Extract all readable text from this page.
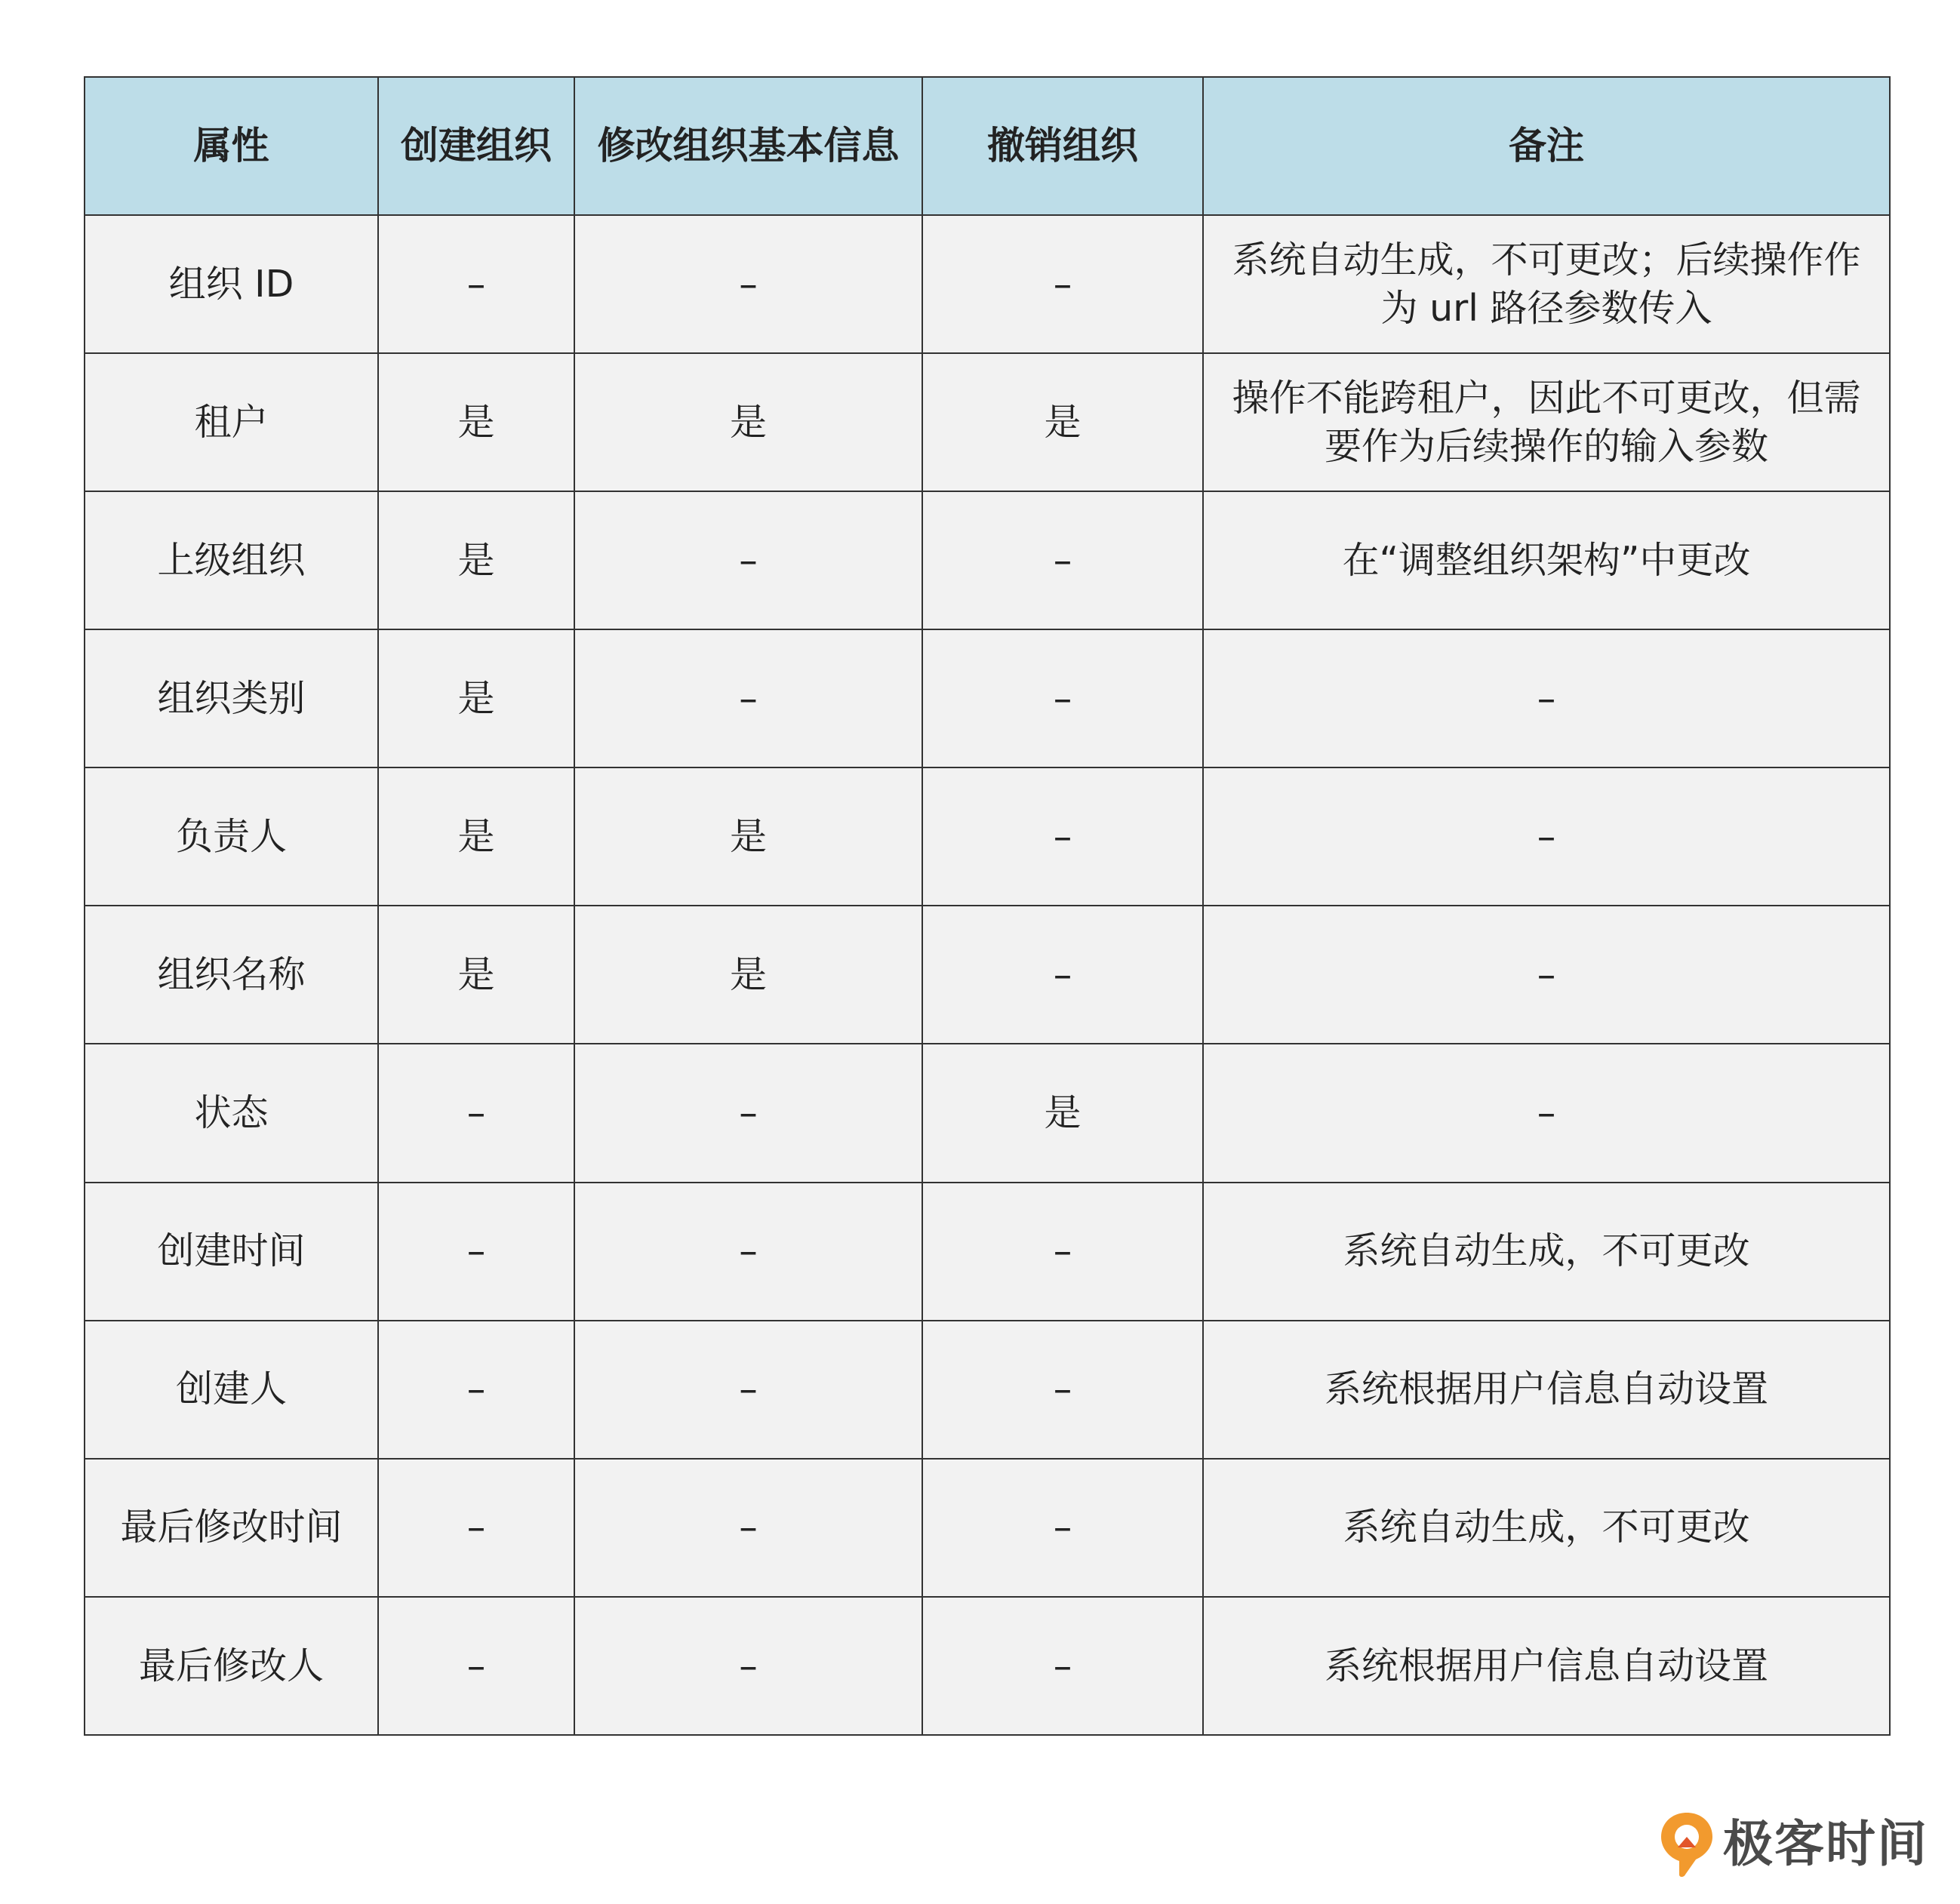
属性	创建组织	修改组织基本信息	撤销组织	备注
组织 ID	–	–	–	系统自动生成，不可更改；后续操作作为 url 路径参数传入
租户	是	是	是	操作不能跨租户，因此不可更改，但需要作为后续操作的输入参数
上级组织	是	–	–	在“调整组织架构”中更改
组织类别	是	–	–	–
负责人	是	是	–	–
组织名称	是	是	–	–
状态	–	–	是	–
创建时间	–	–	–	系统自动生成，不可更改
创建人	–	–	–	系统根据用户信息自动设置
最后修改时间	–	–	–	系统自动生成，不可更改
最后修改人	–	–	–	系统根据用户信息自动设置
极客时间
